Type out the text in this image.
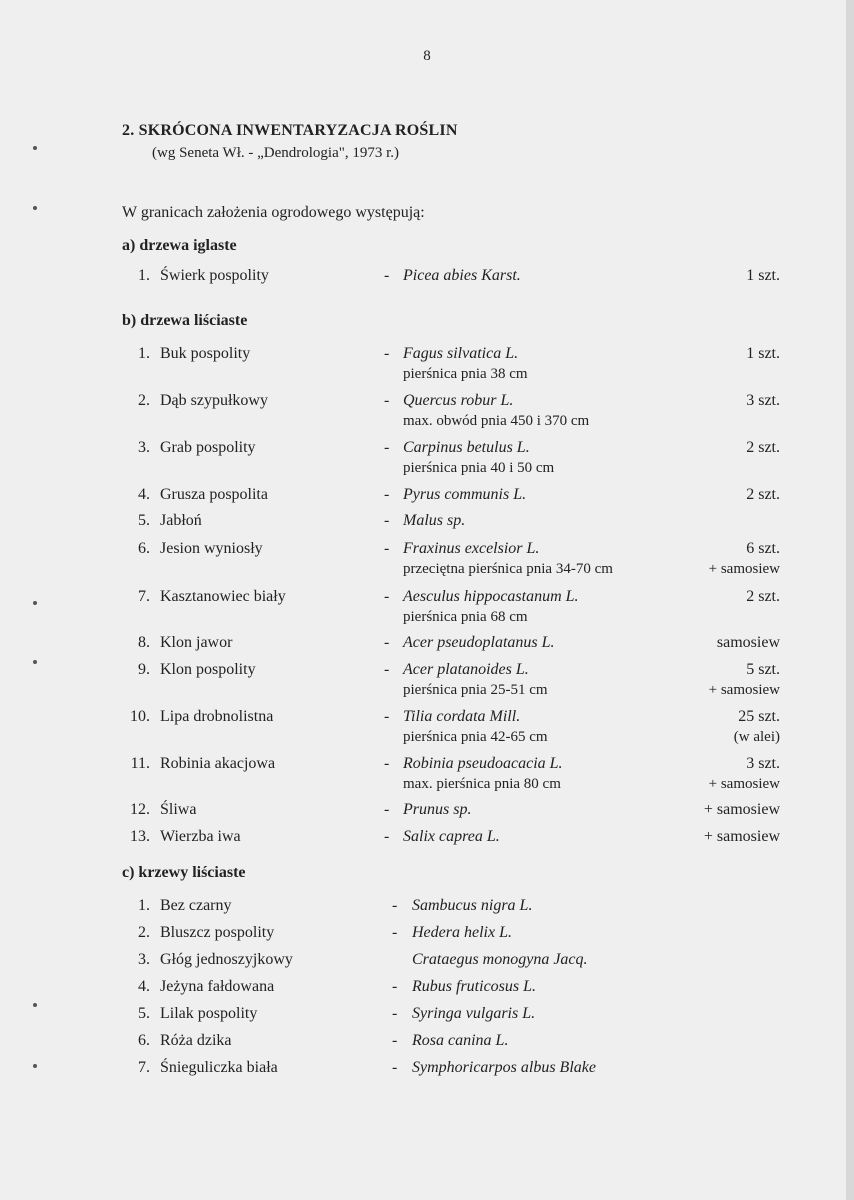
8
2. SKRÓCONA INWENTARYZACJA ROŚLIN
(wg Seneta Wł. - „Dendrologia", 1973 r.)
W granicach założenia ogrodowego występują:
a) drzewa iglaste
1. Świerk pospolity	- Picea abies Karst.	1 szt.
b) drzewa liściaste
1. Buk pospolity	- Fagus silvatica L.	1 szt.
pierśnica pnia 38 cm
2. Dąb szypułkowy	- Quercus robur L.	3 szt.
max. obwód pnia 450 i 370 cm
3. Grab pospolity	- Carpinus betulus L.	2 szt.
pierśnica pnia 40 i 50 cm
4. Grusza pospolita	- Pyrus communis L.	2 szt.
5. Jabłoń	- Malus sp.
6. Jesion wyniosły	- Fraxinus excelsior L.	6 szt.
przeciętna pierśnica pnia 34-70 cm	+ samosiew
7. Kasztanowiec biały	- Aesculus hippocastanum L.	2 szt.
pierśnica pnia 68 cm
8. Klon jawor	- Acer pseudoplatanus L.	samosiew
9. Klon pospolity	- Acer platanoides L.	5 szt.
pierśnica pnia 25-51 cm	+ samosiew
10. Lipa drobnolistna	- Tilia cordata Mill.	25 szt.
pierśnica pnia 42-65 cm	(w alei)
11. Robinia akacjowa	- Robinia pseudoacacia L.	3 szt.
max. pierśnica pnia 80 cm	+ samosiew
12. Śliwa	- Prunus sp.	+ samosiew
13. Wierzba iwa	- Salix caprea L.	+ samosiew
c) krzewy liściaste
1. Bez czarny	- Sambucus nigra L.
2. Bluszcz pospolity	- Hedera helix L.
3. Głóg jednoszyjkowy	Crataegus monogyna Jacq.
4. Jeżyna fałdowana	- Rubus fruticosus L.
5. Lilak pospolity	- Syringa vulgaris L.
6. Róża dzika	- Rosa canina L.
7. Śnieguliczka biała	- Symphoricarpos albus Blake
